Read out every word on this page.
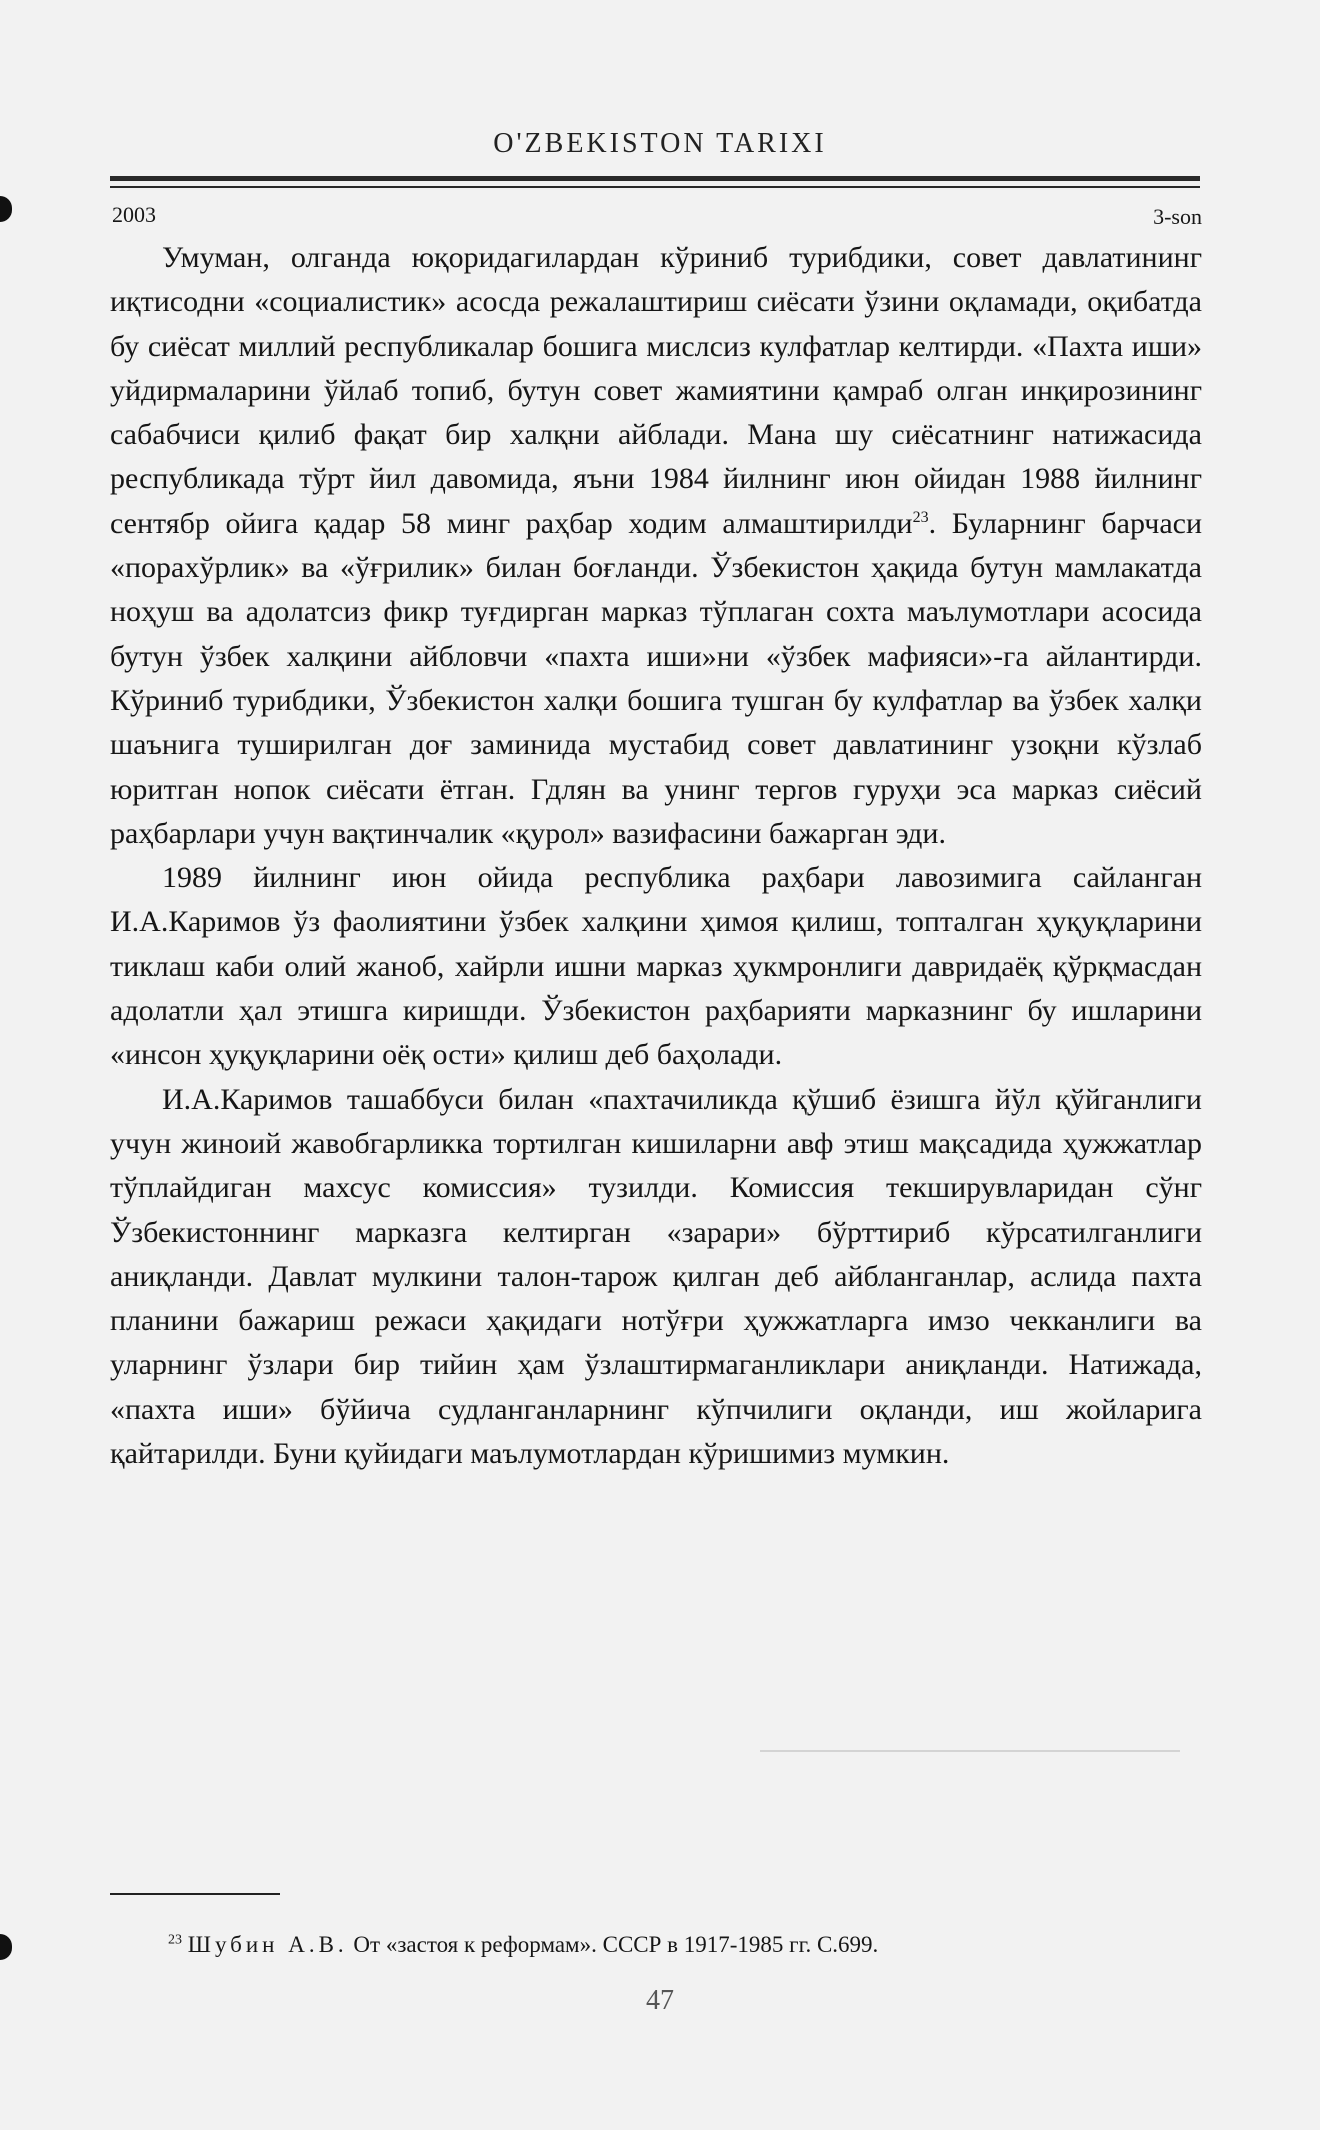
O'ZBEKISTON TARIXI
2003	3-son

Умуман, олганда юқоридагилардан кўриниб турибдики, совет давлатининг иқтисодни «социалистик» асосда режалаштириш сиёсати ўзини оқламади, оқибатда бу сиёсат миллий республикалар бошига мислсиз кулфатлар келтирди. «Пахта иши» уйдирмаларини ўйлаб топиб, бутун совет жамиятини қамраб олган инқирозининг сабабчиси қилиб фақат бир халқни айблади. Мана шу сиёсатнинг натижасида республикада тўрт йил давомида, яъни 1984 йилнинг июн ойидан 1988 йилнинг сентябр ойига қадар 58 минг раҳбар ходим алмаштирилди$^{23}$. Буларнинг барчаси «порахўрлик» ва «ўғрилик» билан боғланди. Ўзбекистон ҳақида бутун мамлакатда ноҳуш ва адолатсиз фикр туғдирган марказ тўплаган сохта маълумотлари асосида бутун ўзбек халқини айбловчи «пахта иши»ни «ўзбек мафияси»-га айлантирди. Кўриниб турибдики, Ўзбекистон халқи бошига тушган бу кулфатлар ва ўзбек халқи шаънига туширилган доғ заминида мустабид совет давлатининг узоқни кўзлаб юритган нопок сиёсати ётган. Гдлян ва унинг тергов гуруҳи эса марказ сиёсий раҳбарлари учун вақтинчалик «қурол» вазифасини бажарган эди.

1989 йилнинг июн ойида республика раҳбари лавозимига сайланган И.А.Каримов ўз фаолиятини ўзбек халқини ҳимоя қилиш, топталган ҳуқуқларини тиклаш каби олий жаноб, хайрли ишни марказ ҳукмронлиги давридаёқ қўрқмасдан адолатли ҳал этишга киришди. Ўзбекистон раҳбарияти марказнинг бу ишларини «инсон ҳуқуқларини оёқ ости» қилиш деб баҳолади.

И.А.Каримов ташаббуси билан «пахтачиликда қўшиб ёзишга йўл қўйганлиги учун жиноий жавобгарликка тортилган кишиларни авф этиш мақсадида ҳужжатлар тўплайдиган махсус комиссия» тузилди. Комиссия текширувларидан сўнг Ўзбекистоннинг марказга келтирган «зарари» бўрттириб кўрсатилганлиги аниқланди. Давлат мулкини талон-тарож қилган деб айбланганлар, аслида пахта планини бажариш режаси ҳақидаги нотўғри ҳужжатларга имзо чекканлиги ва уларнинг ўзлари бир тийин ҳам ўзлаштирмаганликлари аниқланди. Натижада, «пахта иши» бўйича судланганларнинг кўпчилиги оқланди, иш жойларига қайтарилди. Буни қуйидаги маълумотлардан кўришимиз мумкин.

$^{23}$ Шубин А.В. От «застоя к реформам». СССР в 1917-1985 гг. С.699.
47
